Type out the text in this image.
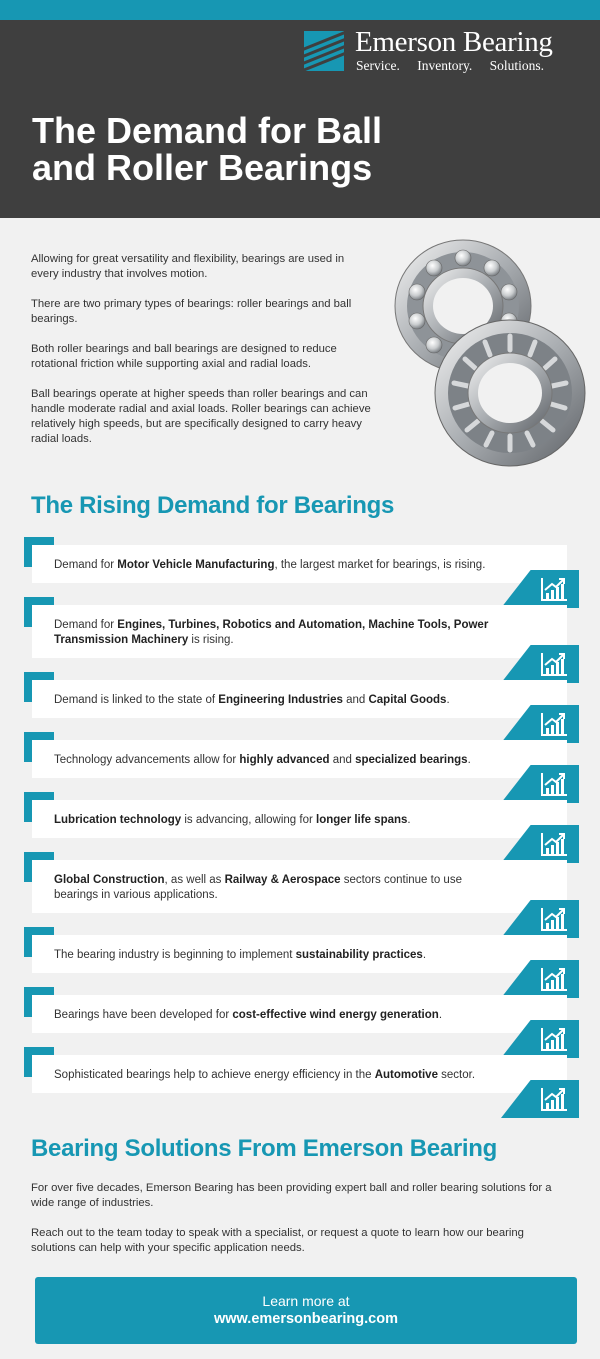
Emerson Bearing
Service. Inventory. Solutions.
The Demand for Ball and Roller Bearings

Allowing for great versatility and flexibility, bearings are used in every industry that involves motion.

There are two primary types of bearings: roller bearings and ball bearings.

Both roller bearings and ball bearings are designed to reduce rotational friction while supporting axial and radial loads.

Ball bearings operate at higher speeds than roller bearings and can handle moderate radial and axial loads. Roller bearings can achieve relatively high speeds, but are specifically designed to carry heavy radial loads.

The Rising Demand for Bearings
Demand for Motor Vehicle Manufacturing, the largest market for bearings, is rising.
Demand for Engines, Turbines, Robotics and Automation, Machine Tools, Power Transmission Machinery is rising.
Demand is linked to the state of Engineering Industries and Capital Goods.
Technology advancements allow for highly advanced and specialized bearings.
Lubrication technology is advancing, allowing for longer life spans.
Global Construction, as well as Railway & Aerospace sectors continue to use bearings in various applications.
The bearing industry is beginning to implement sustainability practices.
Bearings have been developed for cost-effective wind energy generation.
Sophisticated bearings help to achieve energy efficiency in the Automotive sector.
Bearing Solutions From Emerson Bearing

For over five decades, Emerson Bearing has been providing expert ball and roller bearing solutions for a wide range of industries.

Reach out to the team today to speak with a specialist, or request a quote to learn how our bearing solutions can help with your specific application needs.

Learn more at
www.emersonbearing.com
